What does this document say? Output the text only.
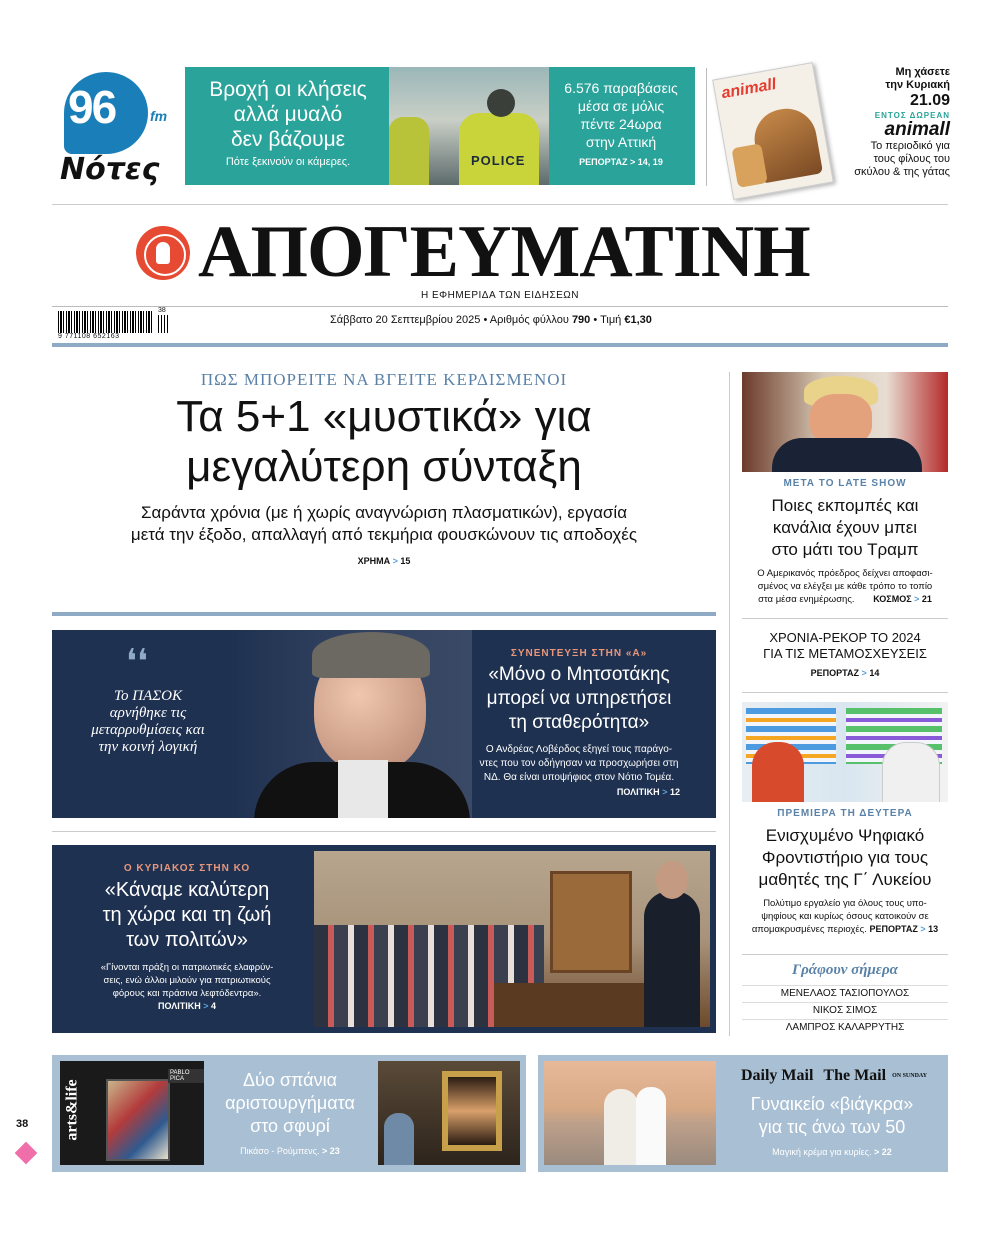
96 fm
Νότες
Βροχή οι κλήσεις
αλλά μυαλό
δεν βάζουμε
Πότε ξεκινούν οι κάμερες.	POLICE
6.576 παραβάσεις
μέσα σε μόλις
πέντε 24ωρα
στην Αττική
ΡΕΠΟΡΤΑΖ > 14, 19
animall
Μη χάσετε
την Κυριακή
21.09
ΕΝΤΟΣ ΔΩΡΕΑΝ
animall
Το περιοδικό για
τους φίλους του
σκύλου & της γάτας
ΑΠΟΓΕΥΜΑΤΙΝΗ
Η ΕΦΗΜΕΡΙΔΑ ΤΩΝ ΕΙΔΗΣΕΩΝ
38
9 771108 652163
Σάββατο 20 Σεπτεμβρίου 2025 • Αριθμός φύλλου 790 • Τιμή €1,30
ΠΩΣ ΜΠΟΡΕΙΤΕ ΝΑ ΒΓΕΙΤΕ ΚΕΡΔΙΣΜΕΝΟΙ
Τα 5+1 «μυστικά» για
μεγαλύτερη σύνταξη
Σαράντα χρόνια (με ή χωρίς αναγνώριση πλασματικών), εργασία
μετά την έξοδο, απαλλαγή από τεκμήρια φουσκώνουν τις αποδοχές
ΧΡΗΜΑ > 15
❛❛
Το ΠΑΣΟΚ
αρνήθηκε τις
μεταρρυθμίσεις και
την κοινή λογική
ΣΥΝΕΝΤΕΥΞΗ ΣΤΗΝ «Α»
«Μόνο ο Μητσοτάκης
μπορεί να υπηρετήσει
τη σταθερότητα»
Ο Ανδρέας Λοβέρδος εξηγεί τους παράγο-
ντες που τον οδήγησαν να προσχωρήσει στη
ΝΔ. Θα είναι υποψήφιος στον Νότιο Τομέα.
ΠΟΛΙΤΙΚΗ > 12
Ο ΚΥΡΙΑΚΟΣ ΣΤΗΝ ΚΟ
«Κάναμε καλύτερη
τη χώρα και τη ζωή
των πολιτών»
«Γίνονται πράξη οι πατριωτικές ελαφρύν-
σεις, ενώ άλλοι μιλούν για πατριωτικούς
φόρους και πράσινα λεφτόδεντρα».
ΠΟΛΙΤΙΚΗ > 4
ΜΕΤΑ ΤΟ LATE SHOW
Ποιες εκπομπές και
κανάλια έχουν μπει
στο μάτι του Τραμπ
Ο Αμερικανός πρόεδρος δείχνει αποφασι-
σμένος να ελέγξει με κάθε τρόπο το τοπίο
στα μέσα ενημέρωσης. ΚΟΣΜΟΣ > 21
ΧΡΟΝΙΑ-ΡΕΚΟΡ ΤΟ 2024
ΓΙΑ ΤΙΣ ΜΕΤΑΜΟΣΧΕΥΣΕΙΣ
ΡΕΠΟΡΤΑΖ > 14
ΠΡΕΜΙΕΡΑ ΤΗ ΔΕΥΤΕΡΑ
Ενισχυμένο Ψηφιακό
Φροντιστήριο για τους
μαθητές της Γ΄ Λυκείου
Πολύτιμο εργαλείο για όλους τους υπο-
ψηφίους και κυρίως όσους κατοικούν σε
απομακρυσμένες περιοχές. ΡΕΠΟΡΤΑΖ > 13
Γράφουν σήμερα
ΜΕΝΕΛΑΟΣ ΤΑΣΙΟΠΟΥΛΟΣ
ΝΙΚΟΣ ΣΙΜΟΣ
ΛΑΜΠΡΟΣ ΚΑΛΑΡΡΥΤΗΣ
arts&life
PABLO PICA	Δύο σπάνια
αριστουργήματα
στο σφυρί
Πικάσο - Ρούμπενς. > 23
Daily Mail The Mail ON SUNDAY
Γυναικείο «βιάγκρα»
για τις άνω των 50
Μαγική κρέμα για κυρίες. > 22
38
